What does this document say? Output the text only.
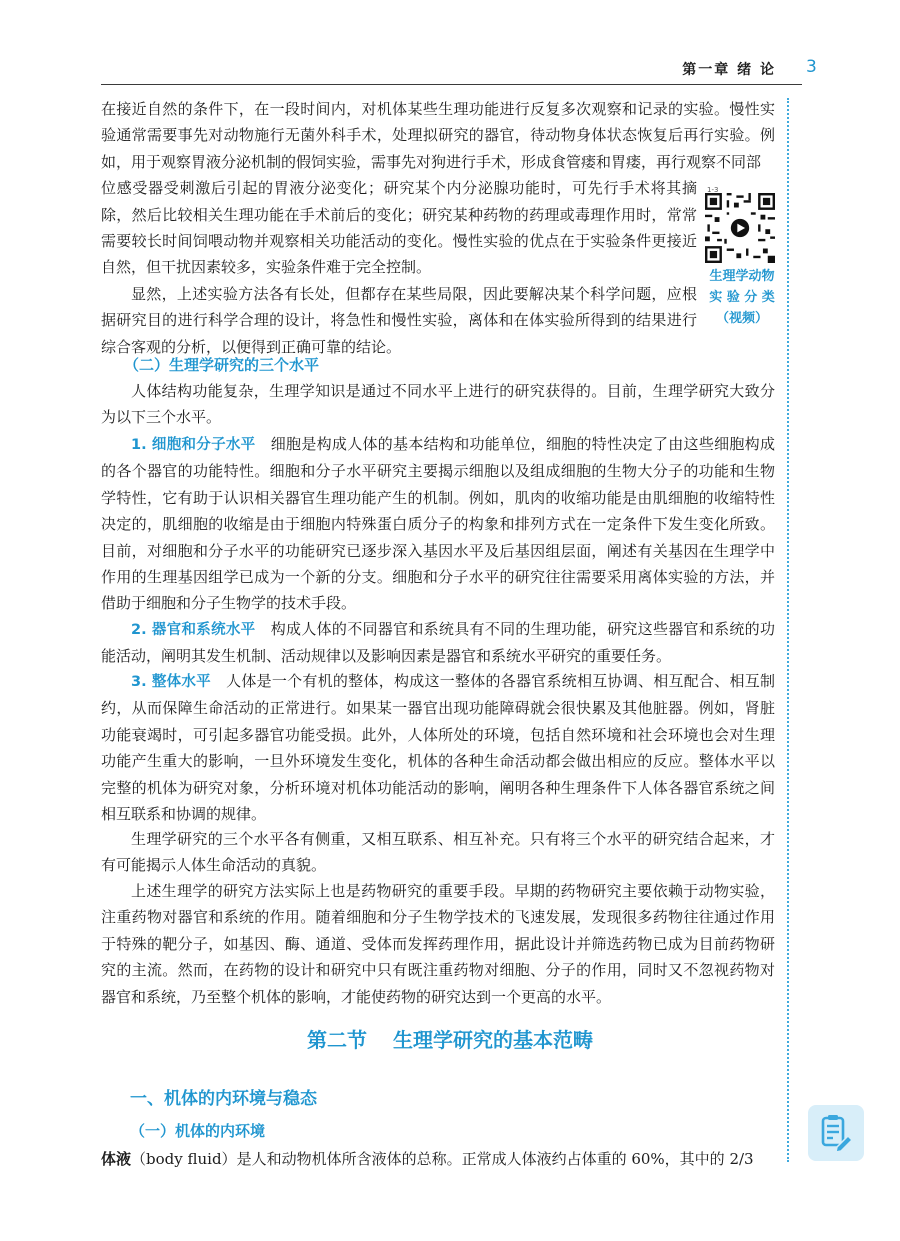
第一章 绪 论 3

在接近自然的条件下，在一段时间内，对机体某些生理功能进行反复多次观察和记录的实验。慢性实验通常需要事先对动物施行无菌外科手术，处理拟研究的器官，待动物身体状态恢复后再行实验。例如，用于观察胃液分泌机制的假饲实验，需事先对狗进行手术，形成食管瘘和胃瘘，再行观察不同部

位感受器受刺激后引起的胃液分泌变化；研究某个内分泌腺功能时，可先行手术将其摘除，然后比较相关生理功能在手术前后的变化；研究某种药物的药理或毒理作用时，常常需要较长时间饲喂动物并观察相关功能活动的变化。慢性实验的优点在于实验条件更接近自然，但干扰因素较多，实验条件难于完全控制。

显然，上述实验方法各有长处，但都存在某些局限，因此要解决某个科学问题，应根据研究目的进行科学合理的设计，将急性和慢性实验，离体和在体实验所得到的结果进行综合客观的分析，以便得到正确可靠的结论。

1-3
生理学动物
实 验 分 类
（视频）
（二）生理学研究的三个水平

人体结构功能复杂，生理学知识是通过不同水平上进行的研究获得的。目前，生理学研究大致分为以下三个水平。

1. 细胞和分子水平　 细胞是构成人体的基本结构和功能单位，细胞的特性决定了由这些细胞构成的各个器官的功能特性。细胞和分子水平研究主要揭示细胞以及组成细胞的生物大分子的功能和生物学特性，它有助于认识相关器官生理功能产生的机制。例如，肌肉的收缩功能是由肌细胞的收缩特性决定的，肌细胞的收缩是由于细胞内特殊蛋白质分子的构象和排列方式在一定条件下发生变化所致。目前，对细胞和分子水平的功能研究已逐步深入基因水平及后基因组层面，阐述有关基因在生理学中作用的生理基因组学已成为一个新的分支。细胞和分子水平的研究往往需要采用离体实验的方法，并借助于细胞和分子生物学的技术手段。

2. 器官和系统水平　 构成人体的不同器官和系统具有不同的生理功能，研究这些器官和系统的功能活动，阐明其发生机制、活动规律以及影响因素是器官和系统水平研究的重要任务。

3. 整体水平　 人体是一个有机的整体，构成这一整体的各器官系统相互协调、相互配合、相互制约，从而保障生命活动的正常进行。如果某一器官出现功能障碍就会很快累及其他脏器。例如，肾脏功能衰竭时，可引起多器官功能受损。此外，人体所处的环境，包括自然环境和社会环境也会对生理功能产生重大的影响，一旦外环境发生变化，机体的各种生命活动都会做出相应的反应。整体水平以完整的机体为研究对象，分析环境对机体功能活动的影响，阐明各种生理条件下人体各器官系统之间相互联系和协调的规律。

生理学研究的三个水平各有侧重，又相互联系、相互补充。只有将三个水平的研究结合起来，才有可能揭示人体生命活动的真貌。

上述生理学的研究方法实际上也是药物研究的重要手段。早期的药物研究主要依赖于动物实验，注重药物对器官和系统的作用。随着细胞和分子生物学技术的飞速发展，发现很多药物往往通过作用于特殊的靶分子，如基因、酶、通道、受体而发挥药理作用，据此设计并筛选药物已成为目前药物研究的主流。然而，在药物的设计和研究中只有既注重药物对细胞、分子的作用，同时又不忽视药物对器官和系统，乃至整个机体的影响，才能使药物的研究达到一个更高的水平。

第二节 生理学研究的基本范畴
一、机体的内环境与稳态
（一）机体的内环境

体液（body fluid）是人和动物机体所含液体的总称。正常成人体液约占体重的 60%，其中的 2/3
